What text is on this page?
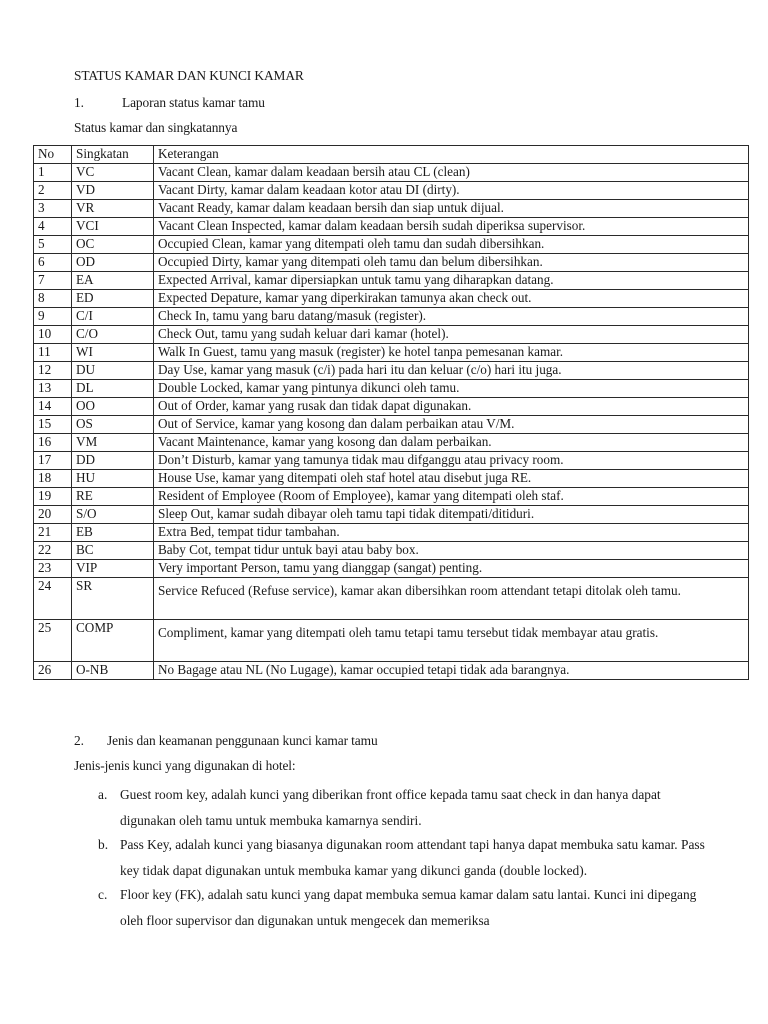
STATUS KAMAR DAN KUNCI KAMAR
1.	Laporan status kamar tamu
Status kamar dan singkatannya
No	Singkatan	Keterangan
1	VC	Vacant Clean, kamar dalam keadaan bersih atau CL (clean)
2	VD	Vacant Dirty, kamar dalam keadaan kotor atau DI (dirty).
3	VR	Vacant Ready, kamar dalam keadaan bersih dan siap untuk dijual.
4	VCI	Vacant Clean Inspected, kamar dalam keadaan bersih sudah diperiksa supervisor.
5	OC	Occupied Clean, kamar yang ditempati oleh tamu dan sudah dibersihkan.
6	OD	Occupied Dirty, kamar yang ditempati oleh tamu dan belum dibersihkan.
7	EA	Expected Arrival, kamar dipersiapkan untuk tamu yang diharapkan datang.
8	ED	Expected Depature, kamar yang diperkirakan tamunya akan check out.
9	C/I	Check In, tamu yang baru datang/masuk (register).
10	C/O	Check Out, tamu yang sudah keluar dari kamar (hotel).
11	WI	Walk In Guest, tamu yang masuk (register) ke hotel tanpa pemesanan kamar.
12	DU	Day Use, kamar yang masuk (c/i) pada hari itu dan keluar (c/o) hari itu juga.
13	DL	Double Locked, kamar yang pintunya dikunci oleh tamu.
14	OO	Out of Order, kamar yang rusak dan tidak dapat digunakan.
15	OS	Out of Service, kamar yang kosong dan dalam perbaikan atau V/M.
16	VM	Vacant Maintenance, kamar yang kosong dan dalam perbaikan.
17	DD	Don’t Disturb, kamar yang tamunya tidak mau difganggu atau privacy room.
18	HU	House Use, kamar yang ditempati oleh staf hotel atau disebut juga RE.
19	RE	Resident of Employee (Room of Employee), kamar yang ditempati oleh staf.
20	S/O	Sleep Out, kamar sudah dibayar oleh tamu tapi tidak ditempati/ditiduri.
21	EB	Extra Bed, tempat tidur tambahan.
22	BC	Baby Cot, tempat tidur untuk bayi atau baby box.
23	VIP	Very important Person, tamu yang dianggap (sangat) penting.
24	SR	Service Refuced (Refuse service), kamar akan dibersihkan room attendant tetapi ditolak oleh tamu.
25	COMP	Compliment, kamar yang ditempati oleh tamu tetapi tamu tersebut tidak membayar atau gratis.
26	O-NB	No Bagage atau NL (No Lugage), kamar occupied tetapi tidak ada barangnya.
2. Jenis dan keamanan penggunaan kunci kamar tamu
Jenis-jenis kunci yang digunakan di hotel:
a. Guest room key, adalah kunci yang diberikan front office kepada tamu saat check in dan hanya dapat digunakan oleh tamu untuk membuka kamarnya sendiri.
b. Pass Key, adalah kunci yang biasanya digunakan room attendant tapi hanya dapat membuka satu kamar. Pass key tidak dapat digunakan untuk membuka kamar yang dikunci ganda (double locked).
c. Floor key (FK), adalah satu kunci yang dapat membuka semua kamar dalam satu lantai. Kunci ini dipegang oleh floor supervisor dan digunakan untuk mengecek dan memeriksa
